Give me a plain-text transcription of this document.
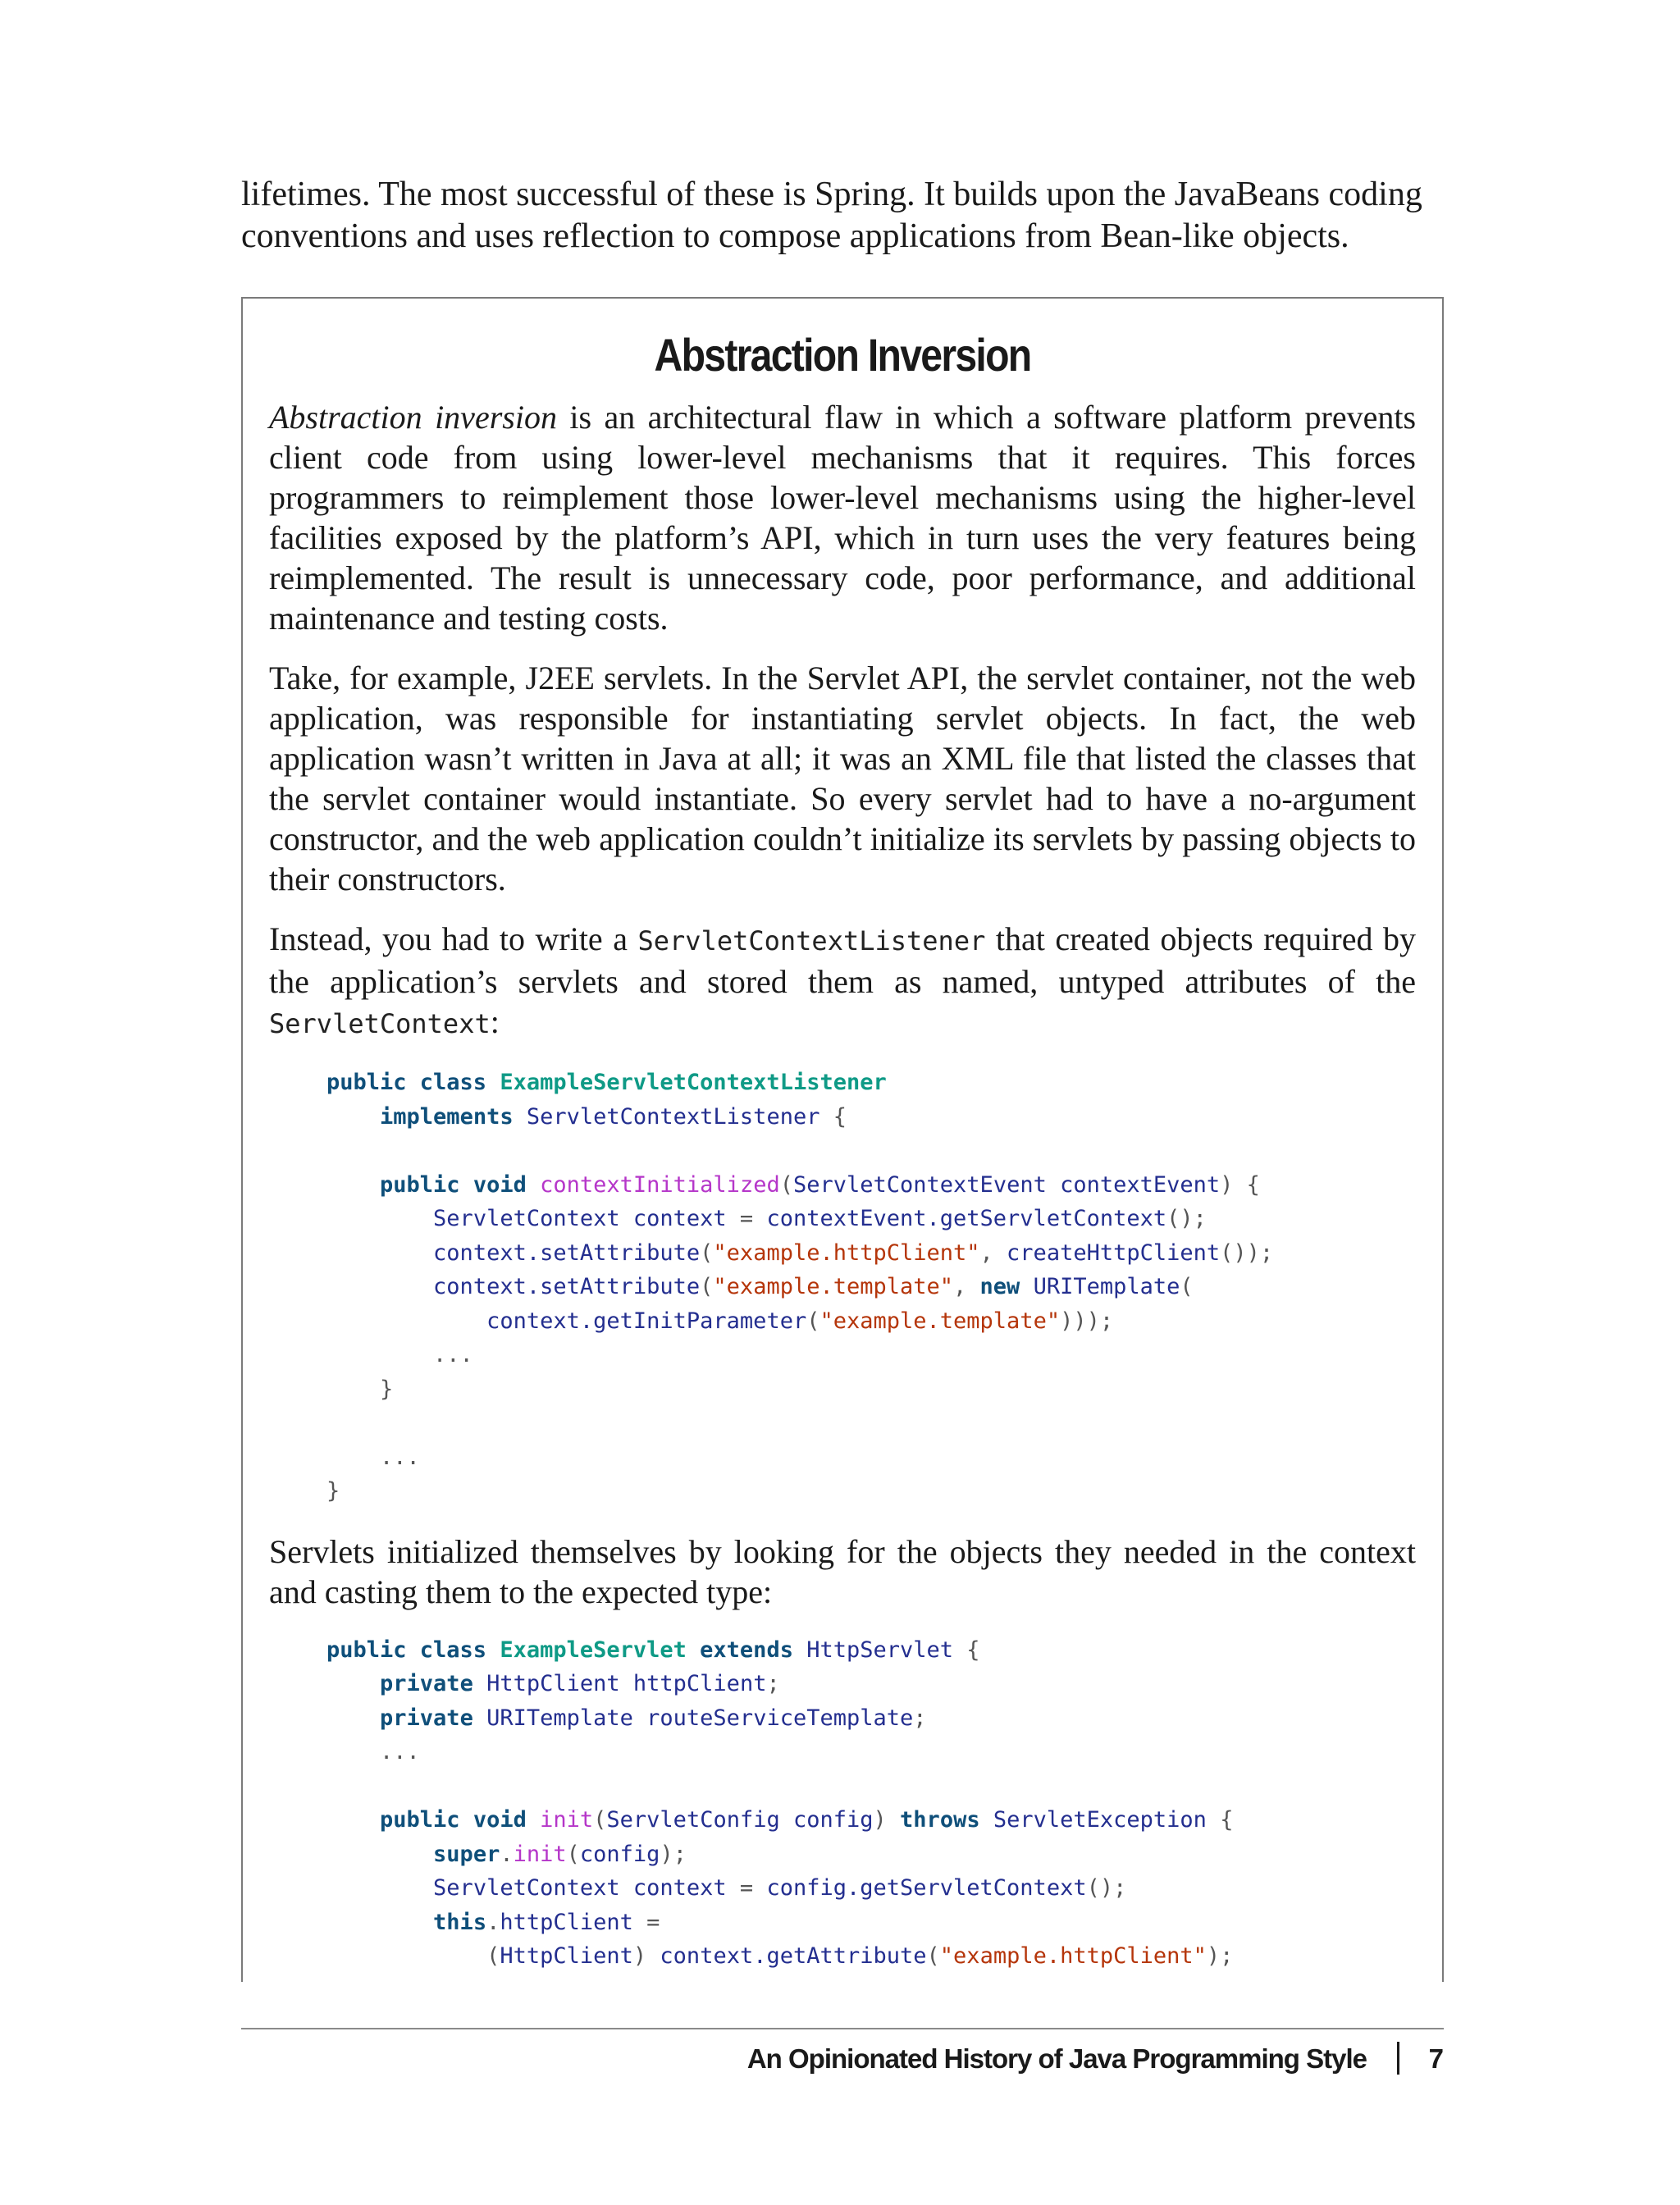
lifetimes. The most successful of these is Spring. It builds upon the JavaBeans coding
conventions and uses reflection to compose applications from Bean-like objects.

Abstraction Inversion

Abstraction inversion is an architectural flaw in which a software platform prevents client code from using lower-level mechanisms that it requires. This forces programmers to reimplement those lower-level mechanisms using the higher-level facilities exposed by the platform’s API, which in turn uses the very features being reimplemented. The result is unnecessary code, poor performance, and additional maintenance and testing costs.

Take, for example, J2EE servlets. In the Servlet API, the servlet container, not the web application, was responsible for instantiating servlet objects. In fact, the web application wasn’t written in Java at all; it was an XML file that listed the classes that the servlet container would instantiate. So every servlet had to have a no-argument constructor, and the web application couldn’t initialize its servlets by passing objects to their constructors.

Instead, you had to write a ServletContextListener that created objects required by the application’s servlets and stored them as named, untyped attributes of the ServletContext:

public class ExampleServletContextListener
implements ServletContextListener {

public void contextInitialized(ServletContextEvent contextEvent) {
ServletContext context = contextEvent.getServletContext();
context.setAttribute("example.httpClient", createHttpClient());
context.setAttribute("example.template", new URITemplate(
context.getInitParameter("example.template")));
...
}

...
}

Servlets initialized themselves by looking for the objects they needed in the context and casting them to the expected type:

public class ExampleServlet extends HttpServlet {
private HttpClient httpClient;
private URITemplate routeServiceTemplate;
...

public void init(ServletConfig config) throws ServletException {
super.init(config);
ServletContext context = config.getServletContext();
this.httpClient =
(HttpClient) context.getAttribute("example.httpClient");
An Opinionated History of Java Programming Style 7
